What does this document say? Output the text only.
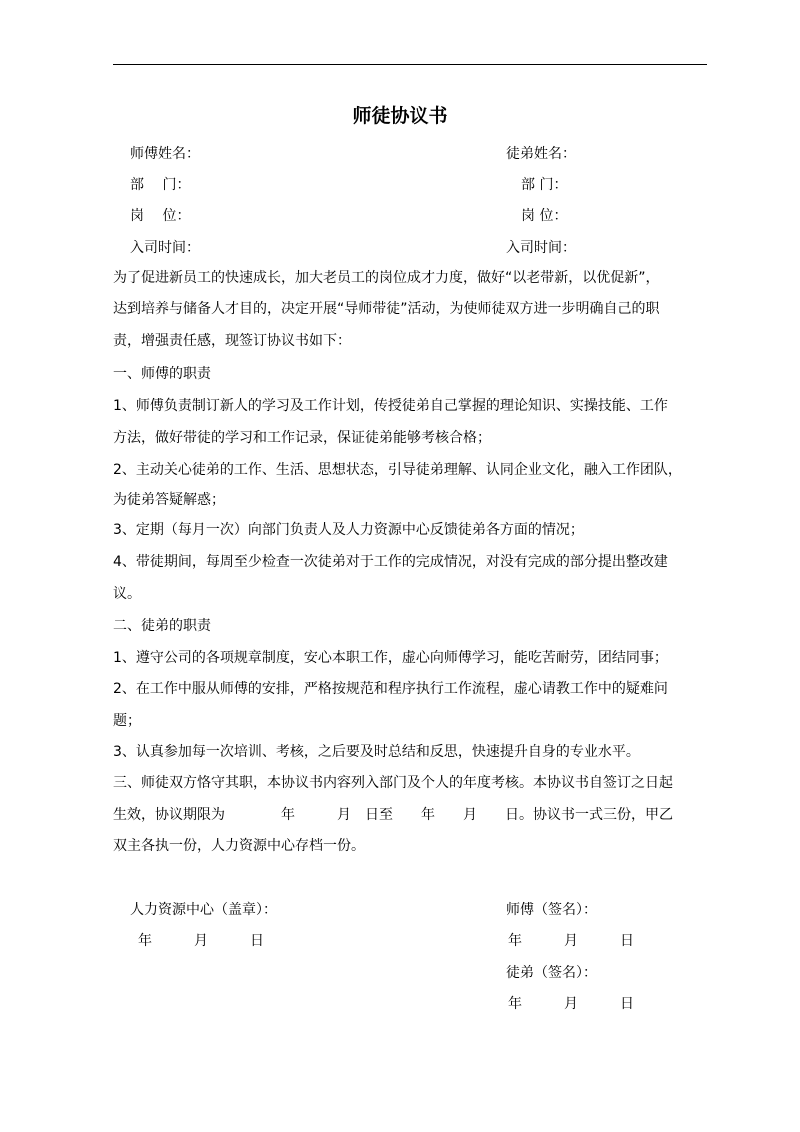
师徒协议书
师傅姓名：	徒弟姓名：
部　 门：	部 门：
岗　 位：	岗 位：
入司时间：	入司时间：
为了促进新员工的快速成长，加大老员工的岗位成才力度，做好“以老带新，以优促新”，
达到培养与储备人才目的，决定开展“导师带徒”活动，为使师徒双方进一步明确自己的职
责，增强责任感，现签订协议书如下：
一、师傅的职责
1、师傅负责制订新人的学习及工作计划，传授徒弟自己掌握的理论知识、实操技能、工作
方法，做好带徒的学习和工作记录，保证徒弟能够考核合格；
2、主动关心徒弟的工作、生活、思想状态，引导徒弟理解、认同企业文化，融入工作团队，
为徒弟答疑解惑；
3、定期（每月一次）向部门负责人及人力资源中心反馈徒弟各方面的情况；
4、带徒期间，每周至少检查一次徒弟对于工作的完成情况，对没有完成的部分提出整改建
议。
二、徒弟的职责
1、遵守公司的各项规章制度，安心本职工作，虚心向师傅学习，能吃苦耐劳，团结同事；
2、在工作中服从师傅的安排，严格按规范和程序执行工作流程，虚心请教工作中的疑难问
题；
3、认真参加每一次培训、考核，之后要及时总结和反思，快速提升自身的专业水平。
三、师徒双方恪守其职，本协议书内容列入部门及个人的年度考核。本协议书自签订之日起
生效，协议期限为　　　　年　　　月　日至　　年　　月　　日。协议书一式三份，甲乙
双主各执一份，人力资源中心存档一份。
人力资源中心（盖章）：
年　　　月　　　日
师傅（签名）：
年　　　月　　　日
徒弟（签名）：
年　　　月　　　日
